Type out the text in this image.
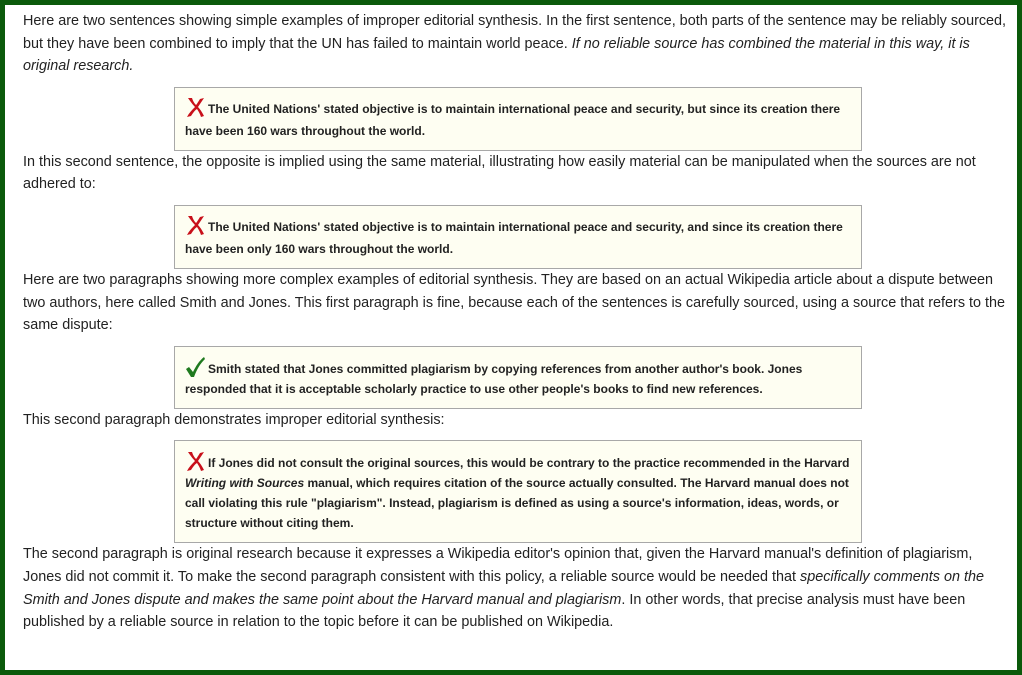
Here are two sentences showing simple examples of improper editorial synthesis. In the first sentence, both parts of the sentence may be reliably sourced, but they have been combined to imply that the UN has failed to maintain world peace. If no reliable source has combined the material in this way, it is original research.

The United Nations' stated objective is to maintain international peace and security, but since its creation there have been 160 wars throughout the world.

In this second sentence, the opposite is implied using the same material, illustrating how easily material can be manipulated when the sources are not adhered to:

The United Nations' stated objective is to maintain international peace and security, and since its creation there have been only 160 wars throughout the world.

Here are two paragraphs showing more complex examples of editorial synthesis. They are based on an actual Wikipedia article about a dispute between two authors, here called Smith and Jones. This first paragraph is fine, because each of the sentences is carefully sourced, using a source that refers to the same dispute:

Smith stated that Jones committed plagiarism by copying references from another author's book. Jones responded that it is acceptable scholarly practice to use other people's books to find new references.

This second paragraph demonstrates improper editorial synthesis:

If Jones did not consult the original sources, this would be contrary to the practice recommended in the Harvard Writing with Sources manual, which requires citation of the source actually consulted. The Harvard manual does not call violating this rule "plagiarism". Instead, plagiarism is defined as using a source's information, ideas, words, or structure without citing them.

The second paragraph is original research because it expresses a Wikipedia editor's opinion that, given the Harvard manual's definition of plagiarism, Jones did not commit it. To make the second paragraph consistent with this policy, a reliable source would be needed that specifically comments on the Smith and Jones dispute and makes the same point about the Harvard manual and plagiarism. In other words, that precise analysis must have been published by a reliable source in relation to the topic before it can be published on Wikipedia.
